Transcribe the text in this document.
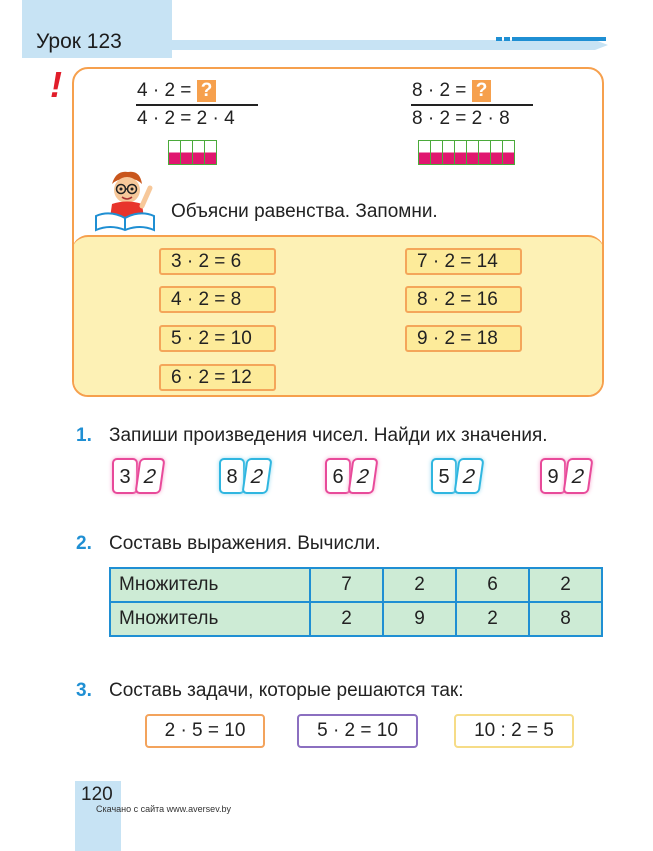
Урок 123
!	4 · 2 = ?
4 · 2 = 2 · 4
8 · 2 = ?
8 · 2 = 2 · 8
Объясни равенства. Запомни.
3 · 2 = 6
4 · 2 = 8
5 · 2 = 10
6 · 2 = 12
7 · 2 = 14
8 · 2 = 16
9 · 2 = 18
1. Запиши произведения чисел. Найди их значения.
3 2	8 2	6 2	5 2	9 2
2. Составь выражения. Вычисли.
Множитель	7	2	6	2
Множитель	2	9	2	8
3. Составь задачи, которые решаются так:
2 · 5 = 10	5 · 2 = 10	10 : 2 = 5
120
Скачано с сайта www.aversev.by
